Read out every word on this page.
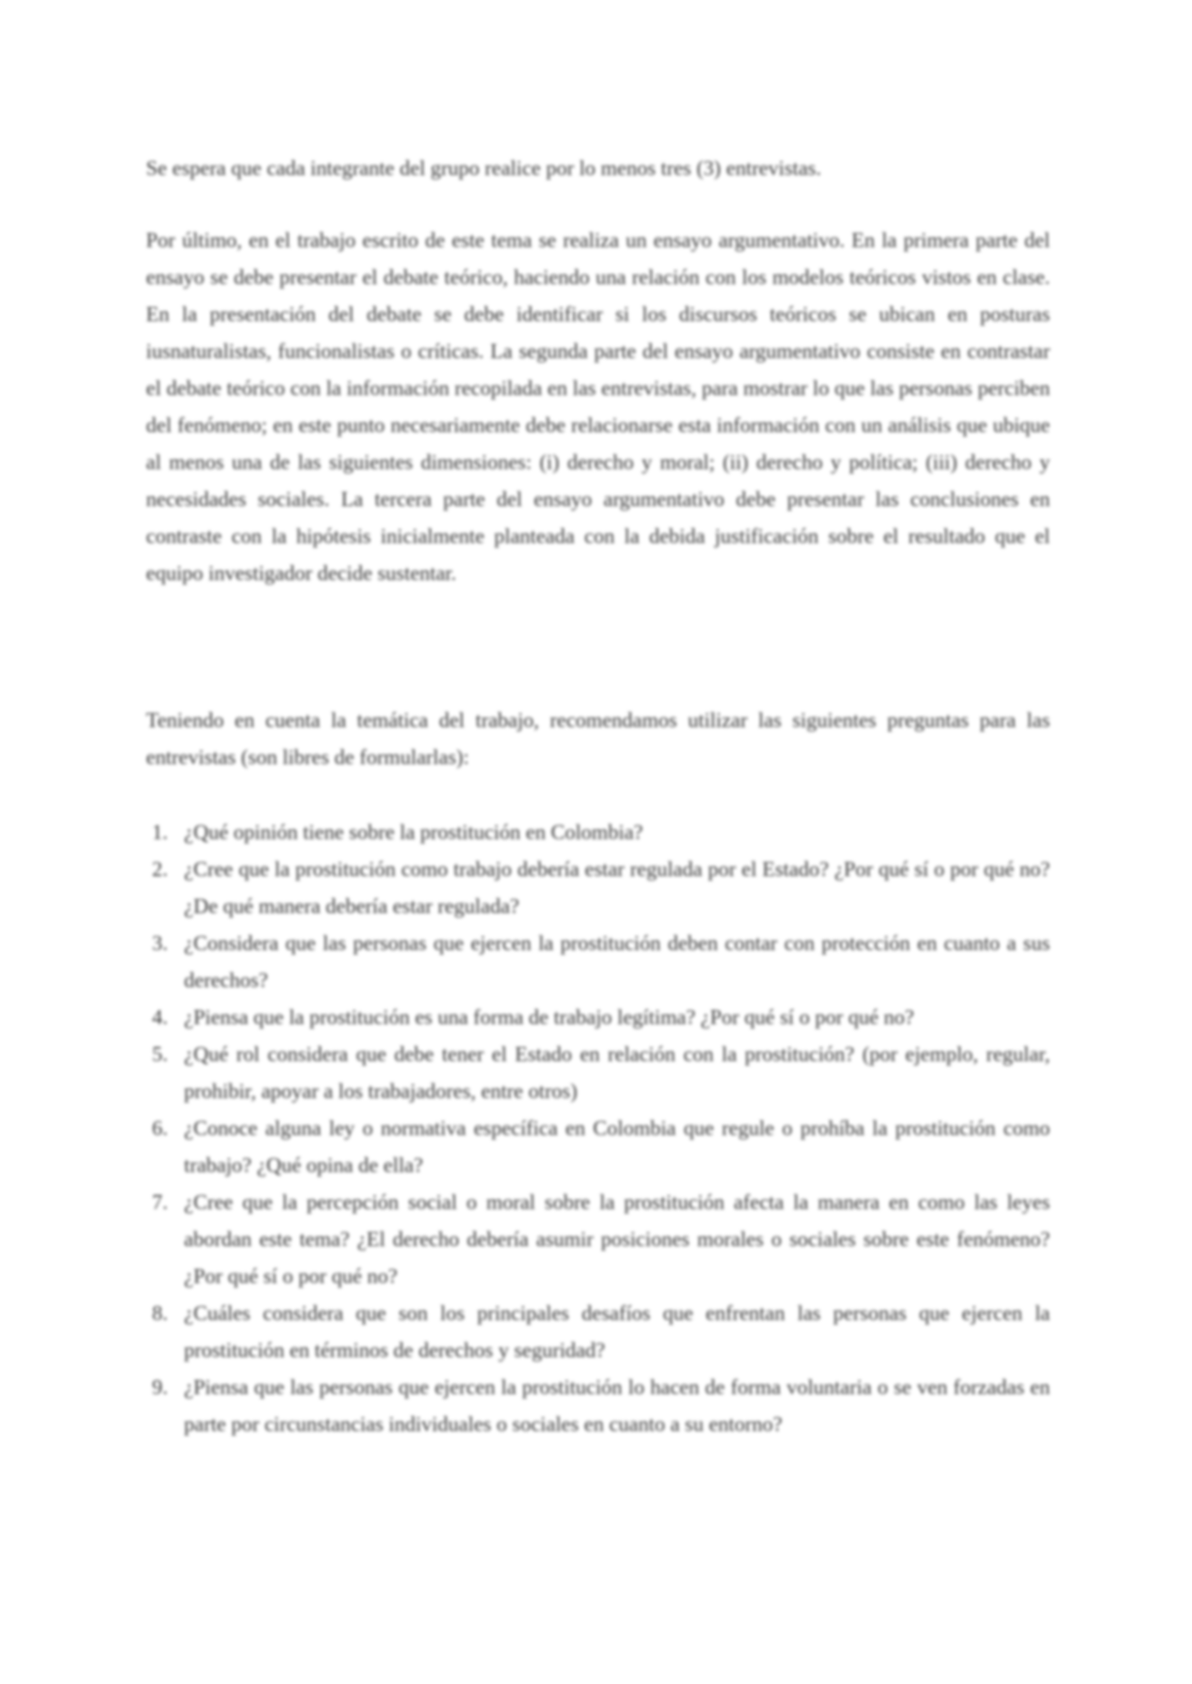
Se espera que cada integrante del grupo realice por lo menos tres (3) entrevistas.

Por último, en el trabajo escrito de este tema se realiza un ensayo argumentativo. En la primera parte del ensayo se debe presentar el debate teórico, haciendo una relación con los modelos teóricos vistos en clase. En la presentación del debate se debe identificar si los discursos teóricos se ubican en posturas iusnaturalistas, funcionalistas o críticas. La segunda parte del ensayo argumentativo consiste en contrastar el debate teórico con la información recopilada en las entrevistas, para mostrar lo que las personas perciben del fenómeno; en este punto necesariamente debe relacionarse esta información con un análisis que ubique al menos una de las siguientes dimensiones: (i) derecho y moral; (ii) derecho y política; (iii) derecho y necesidades sociales. La tercera parte del ensayo argumentativo debe presentar las conclusiones en contraste con la hipótesis inicialmente planteada con la debida justificación sobre el resultado que el equipo investigador decide sustentar.

Teniendo en cuenta la temática del trabajo, recomendamos utilizar las siguientes preguntas para las entrevistas (son libres de formularlas):

1. ¿Qué opinión tiene sobre la prostitución en Colombia?
2. ¿Cree que la prostitución como trabajo debería estar regulada por el Estado? ¿Por qué sí o por qué no? ¿De qué manera debería estar regulada?
3. ¿Considera que las personas que ejercen la prostitución deben contar con protección en cuanto a sus derechos?
4. ¿Piensa que la prostitución es una forma de trabajo legítima? ¿Por qué sí o por qué no?
5. ¿Qué rol considera que debe tener el Estado en relación con la prostitución? (por ejemplo, regular, prohibir, apoyar a los trabajadores, entre otros)
6. ¿Conoce alguna ley o normativa específica en Colombia que regule o prohíba la prostitución como trabajo? ¿Qué opina de ella?
7. ¿Cree que la percepción social o moral sobre la prostitución afecta la manera en como las leyes abordan este tema? ¿El derecho debería asumir posiciones morales o sociales sobre este fenómeno? ¿Por qué sí o por qué no?
8. ¿Cuáles considera que son los principales desafíos que enfrentan las personas que ejercen la prostitución en términos de derechos y seguridad?
9. ¿Piensa que las personas que ejercen la prostitución lo hacen de forma voluntaria o se ven forzadas en parte por circunstancias individuales o sociales en cuanto a su entorno?
